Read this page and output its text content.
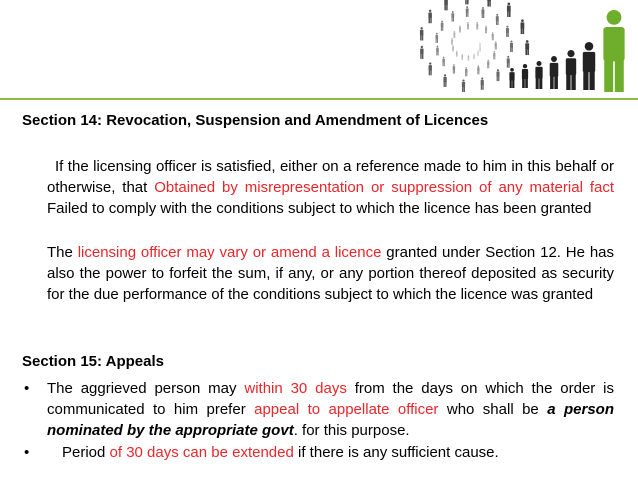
Section 14: Revocation, Suspension and Amendment of Licences
If the licensing officer is satisfied, either on a reference made to him in this behalf or otherwise, that Obtained by misrepresentation or suppression of any material fact Failed to comply with the conditions subject to which the licence has been granted
The licensing officer may vary or amend a licence granted under Section 12. He has also the power to forfeit the sum, if any, or any portion thereof deposited as security for the due performance of the conditions subject to which the licence was granted
Section 15: Appeals
• The aggrieved person may within 30 days from the days on which the order is communicated to him prefer appeal to appellate officer who shall be a person nominated by the appropriate govt. for this purpose.
• Period of 30 days can be extended if there is any sufficient cause.
